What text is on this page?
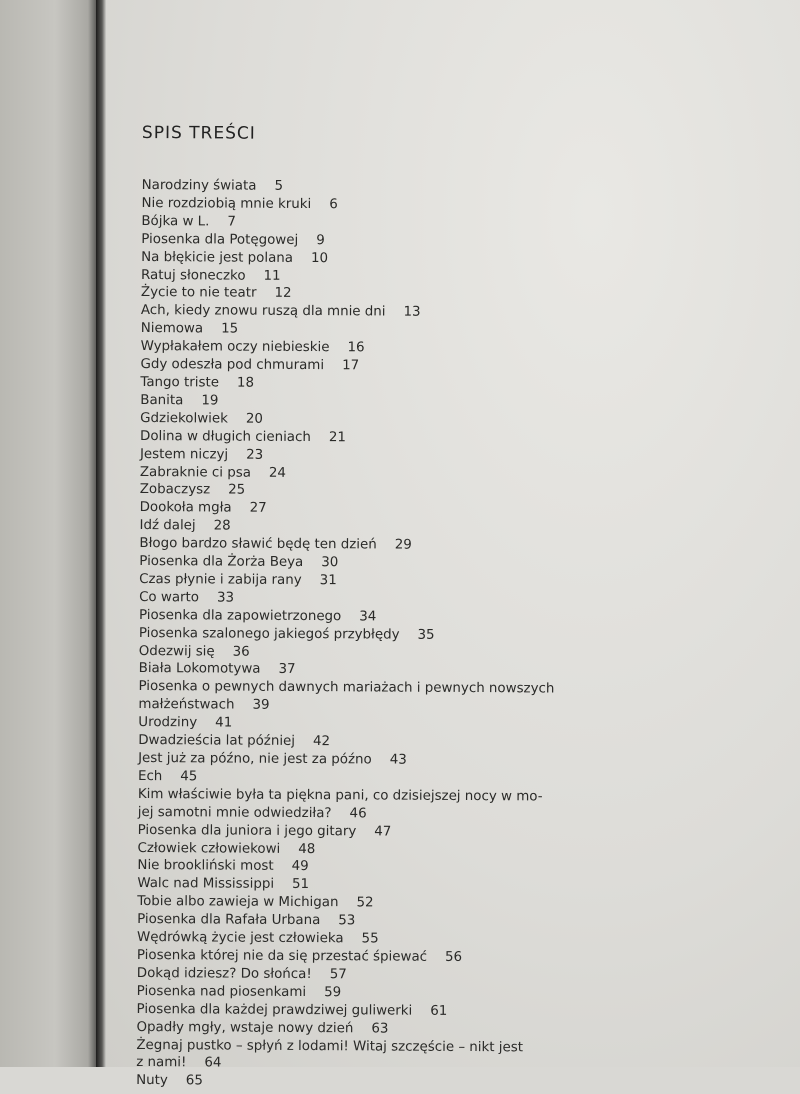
SPIS TREŚCI
Narodziny świata 5
Nie rozdziobią mnie kruki 6
Bójka w L. 7
Piosenka dla Potęgowej 9
Na błękicie jest polana 10
Ratuj słoneczko 11
Życie to nie teatr 12
Ach, kiedy znowu ruszą dla mnie dni 13
Niemowa 15
Wypłakałem oczy niebieskie 16
Gdy odeszła pod chmurami 17
Tango triste 18
Banita 19
Gdziekolwiek 20
Dolina w długich cieniach 21
Jestem niczyj 23
Zabraknie ci psa 24
Zobaczysz 25
Dookoła mgła 27
Idź dalej 28
Błogo bardzo sławić będę ten dzień 29
Piosenka dla Żorża Beya 30
Czas płynie i zabija rany 31
Co warto 33
Piosenka dla zapowietrzonego 34
Piosenka szalonego jakiegoś przybłędy 35
Odezwij się 36
Biała Lokomotywa 37
Piosenka o pewnych dawnych mariażach i pewnych nowszych
małżeństwach 39
Urodziny 41
Dwadzieścia lat później 42
Jest już za późno, nie jest za późno 43
Ech 45
Kim właściwie była ta piękna pani, co dzisiejszej nocy w mo-
jej samotni mnie odwiedziła? 46
Piosenka dla juniora i jego gitary 47
Człowiek człowiekowi 48
Nie brookliński most 49
Walc nad Mississippi 51
Tobie albo zawieja w Michigan 52
Piosenka dla Rafała Urbana 53
Wędrówką życie jest człowieka 55
Piosenka której nie da się przestać śpiewać 56
Dokąd idziesz? Do słońca! 57
Piosenka nad piosenkami 59
Piosenka dla każdej prawdziwej guliwerki 61
Opadły mgły, wstaje nowy dzień 63
Żegnaj pustko – spłyń z lodami! Witaj szczęście – nikt jest
z nami! 64
Nuty 65
